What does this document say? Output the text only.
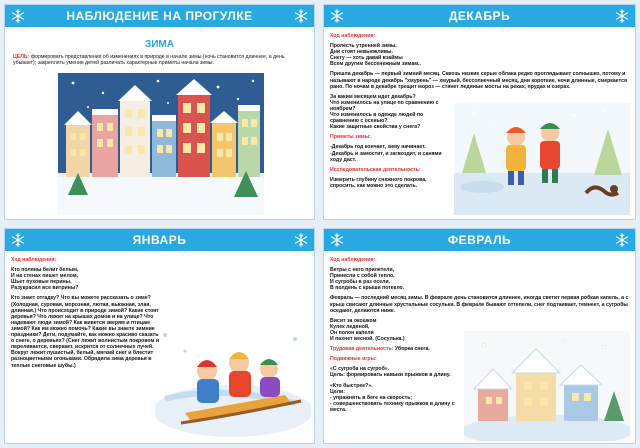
НАБЛЮДЕНИЕ НА ПРОГУЛКЕ
ЗИМА
ЦЕЛЬ: формировать представления об изменениях в природе в начале зимы (ночь становится длиннее, а день убывает); закреплять умение детей различать характерные приметы начала зимы.
ДЕКАБРЬ

Ход наблюдения:

Пролесть утренней зимы.
Дни стоят невьюжливы.
Снегу — хоть давай взаймы
Всем другим бессенежным зимам..

Пришла декабрь — первый зимний месяц. Сквозь низкие серые облака редко проглядывает солнышко, потому и называют в народе декабрь "хмурень" — хмурый, бессолнечный месяц, дни короткие, ночи длинные, смеркается рано. По ночам в декабре трещит мороз — стянет ледяные мосты на реках, прудах и озерах.

За каким месяцем идет декабрь?
Что изменилось на улице по сравнению с ноябрем?
Что изменилось в одежде людей по сравнению с осенью?
Какие защитные свойства у снега?

Приметы зимы:

-Декабрь год кончает, зиму начинает.
-Декабрь и замостит, и загвоздит, и санями ходу даст.

Исследовательская деятельность:

Измерить глубину снежного покрова, спросить, как можно это сделать.

ЯНВАРЬ

Ход наблюдения:

Кто поляны белит белым,
И на стенах пишет мелом,
Шьет пуховые перины,
Разукрасил все витрины?

Кто знает отгадку? Что вы можете рассказать о зиме? (Холодная, суровая, морозная, лютая, вьюжная, злая, длинная.) Что происходит в природе зимой? Какие стоят деревья? Что лежит на крышах домов и на улице? Что надевают люди зимой? Как живется зверям и птицам зимой? Как им можно помочь? Какие вы знаете зимние праздники? Дети, подумайте, как можно красиво сказать о снеге, о деревьях? (Снег лежит волнистым покровом и переливается, сверкает, искрится от солнечных лучей. Вокруг лежит пушистый, белый, мягкий снег и блестит разноцветными огоньками. Обрядила зима деревья в теплые снеговые шубы.)

ФЕВРАЛЬ

Ход наблюдения:

Ветры с него прилетели,
Принесли с собой тепло,
И сугробы в раз осели.
В полдень с крыши потекло.

Февраль — последний месяц зимы. В феврале день становится длиннее, иногда светит первая робкая капель, а с крыш свисают длинные хрустальные сосульки. В феврале бывают оттепели, снег подтаивает, темнеет, а сугробы оседают, делаются ниже.

Висит за окошком
Кулек ледяной,
Он полон капели
И пахнет весной. (Сосулька.)

Трудовая деятельность: Уборка снега.

Подвижные игры:

«С сугроба на сугроб».
Цель: формировать навыки прыжков в длину.

«Кто быстрее?».
Цели:
- упражнять в беге на скорость;
- совершенствовать технику прыжков в длину с места.
